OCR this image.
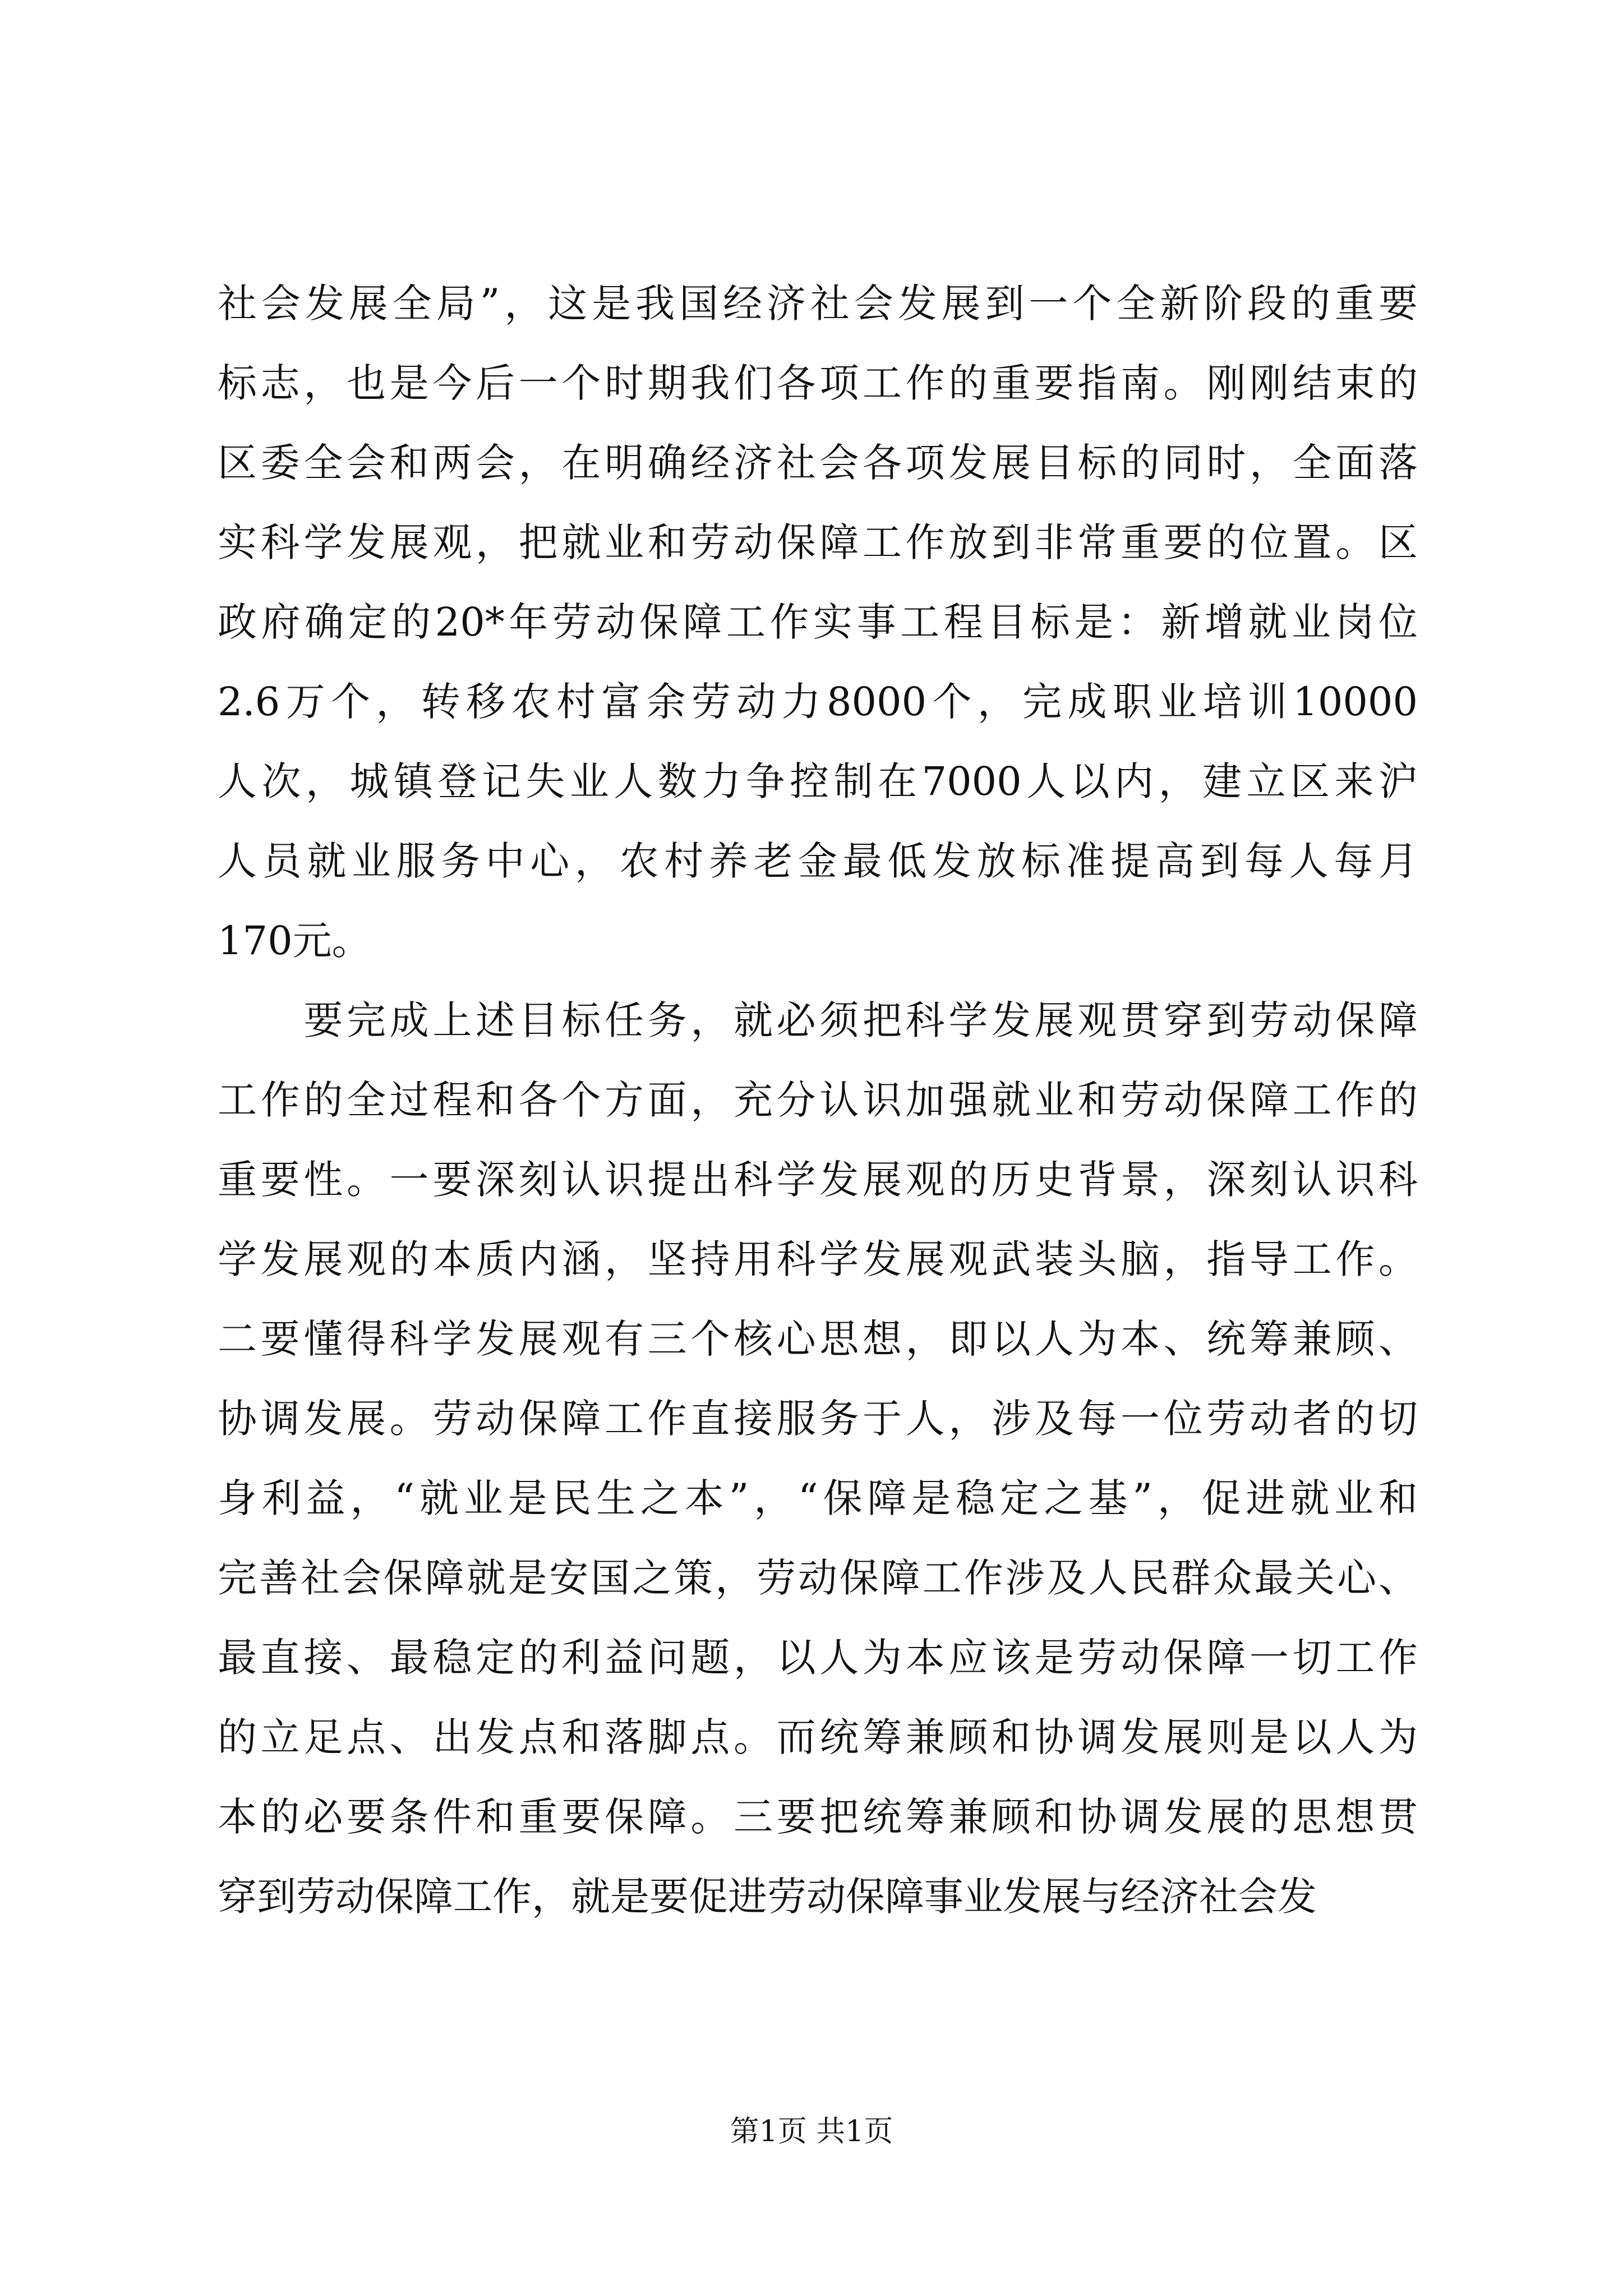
社会发展全局”，这是我国经济社会发展到一个全新阶段的重要
标志，也是今后一个时期我们各项工作的重要指南。刚刚结束的
区委全会和两会，在明确经济社会各项发展目标的同时，全面落
实科学发展观，把就业和劳动保障工作放到非常重要的位置。区
政府确定的20*年劳动保障工作实事工程目标是：新增就业岗位
2.6万个，转移农村富余劳动力8000个，完成职业培训10000
人次，城镇登记失业人数力争控制在7000人以内，建立区来沪
人员就业服务中心，农村养老金最低发放标准提高到每人每月
170元。
　　要完成上述目标任务，就必须把科学发展观贯穿到劳动保障
工作的全过程和各个方面，充分认识加强就业和劳动保障工作的
重要性。一要深刻认识提出科学发展观的历史背景，深刻认识科
学发展观的本质内涵，坚持用科学发展观武装头脑，指导工作。
二要懂得科学发展观有三个核心思想，即以人为本、统筹兼顾、
协调发展。劳动保障工作直接服务于人，涉及每一位劳动者的切
身利益，“就业是民生之本”，“保障是稳定之基”，促进就业和
完善社会保障就是安国之策，劳动保障工作涉及人民群众最关心、
最直接、最稳定的利益问题，以人为本应该是劳动保障一切工作
的立足点、出发点和落脚点。而统筹兼顾和协调发展则是以人为
本的必要条件和重要保障。三要把统筹兼顾和协调发展的思想贯
穿到劳动保障工作，就是要促进劳动保障事业发展与经济社会发
第1页 共1页
